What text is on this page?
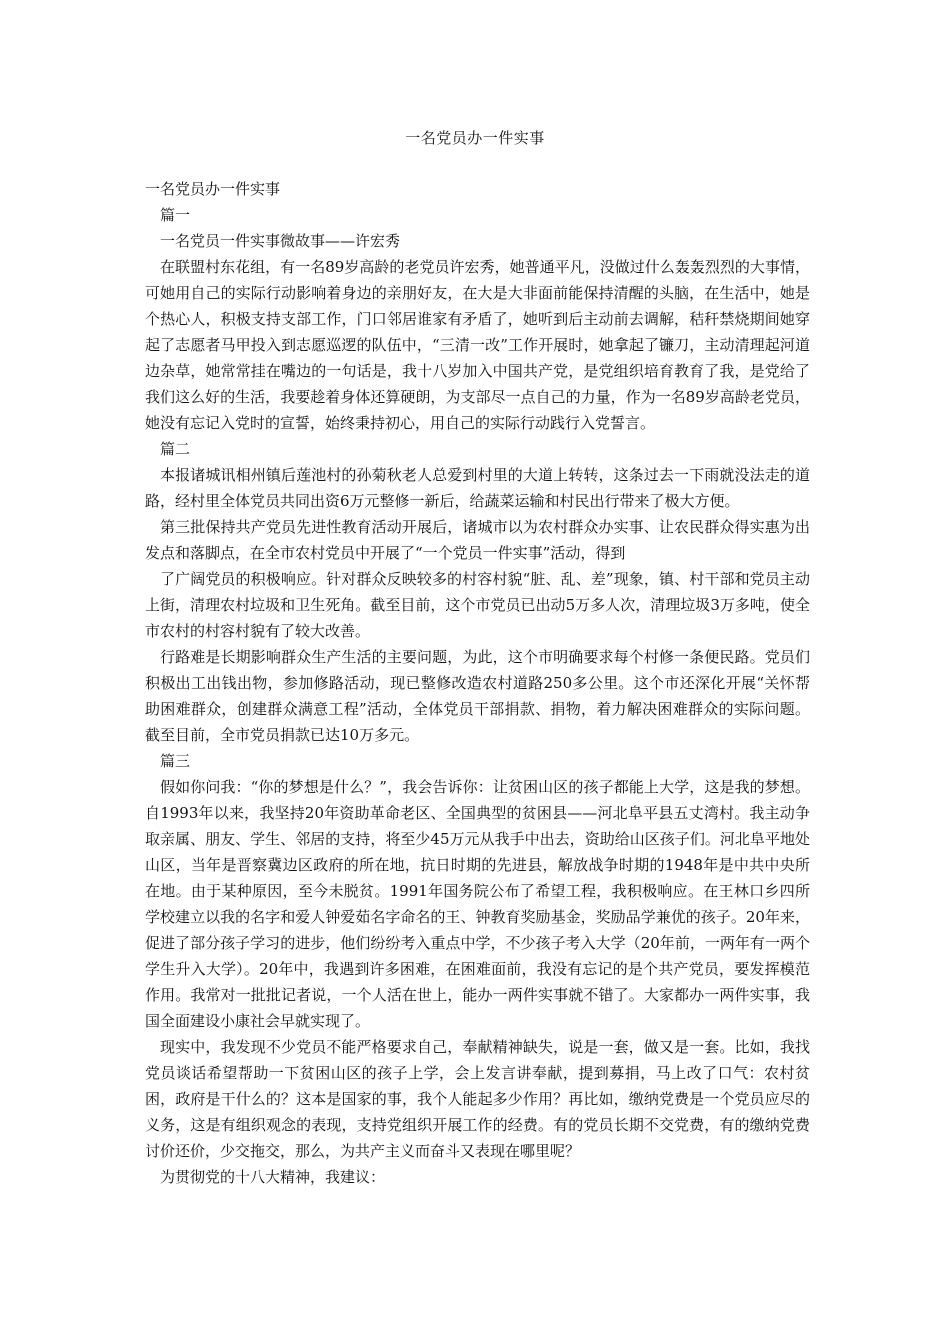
一名党员办一件实事

一名党员办一件实事

篇一

一名党员一件实事微故事——许宏秀

在联盟村东花组，有一名89岁高龄的老党员许宏秀，她普通平凡，没做过什么轰轰烈烈的大事情，可她用自己的实际行动影响着身边的亲朋好友，在大是大非面前能保持清醒的头脑，在生活中，她是个热心人，积极支持支部工作，门口邻居谁家有矛盾了，她听到后主动前去调解，秸秆禁烧期间她穿起了志愿者马甲投入到志愿巡逻的队伍中，“三清一改”工作开展时，她拿起了镰刀，主动清理起河道边杂草，她常常挂在嘴边的一句话是，我十八岁加入中国共产党，是党组织培育教育了我，是党给了我们这么好的生活，我要趁着身体还算硬朗，为支部尽一点自己的力量，作为一名89岁高龄老党员，她没有忘记入党时的宣誓，始终秉持初心，用自己的实际行动践行入党誓言。

篇二

本报诸城讯相州镇后莲池村的孙菊秋老人总爱到村里的大道上转转，这条过去一下雨就没法走的道路，经村里全体党员共同出资6万元整修一新后，给蔬菜运输和村民出行带来了极大方便。

第三批保持共产党员先进性教育活动开展后，诸城市以为农村群众办实事、让农民群众得实惠为出发点和落脚点，在全市农村党员中开展了“一个党员一件实事”活动，得到

了广阔党员的积极响应。针对群众反映较多的村容村貌“脏、乱、差”现象，镇、村干部和党员主动上街，清理农村垃圾和卫生死角。截至目前，这个市党员已出动5万多人次，清理垃圾3万多吨，使全市农村的村容村貌有了较大改善。

行路难是长期影响群众生产生活的主要问题，为此，这个市明确要求每个村修一条便民路。党员们积极出工出钱出物，参加修路活动，现已整修改造农村道路250多公里。这个市还深化开展“关怀帮助困难群众，创建群众满意工程”活动，全体党员干部捐款、捐物，着力解决困难群众的实际问题。截至目前，全市党员捐款已达10万多元。

篇三

假如你问我：“你的梦想是什么？”，我会告诉你：让贫困山区的孩子都能上大学，这是我的梦想。自1993年以来，我坚持20年资助革命老区、全国典型的贫困县——河北阜平县五丈湾村。我主动争取亲属、朋友、学生、邻居的支持，将至少45万元从我手中出去，资助给山区孩子们。河北阜平地处山区，当年是晋察冀边区政府的所在地，抗日时期的先进县，解放战争时期的1948年是中共中央所在地。由于某种原因，至今未脱贫。1991年国务院公布了希望工程，我积极响应。在王林口乡四所学校建立以我的名字和爱人钟爱茹名字命名的王、钟教育奖励基金，奖励品学兼优的孩子。20年来，促进了部分孩子学习的进步，他们纷纷考入重点中学，不少孩子考入大学（20年前，一两年有一两个学生升入大学）。20年中，我遇到许多困难，在困难面前，我没有忘记的是个共产党员，要发挥模范作用。我常对一批批记者说，一个人活在世上，能办一两件实事就不错了。大家都办一两件实事，我国全面建设小康社会早就实现了。

现实中，我发现不少党员不能严格要求自己，奉献精神缺失，说是一套，做又是一套。比如，我找党员谈话希望帮助一下贫困山区的孩子上学，会上发言讲奉献，提到募捐，马上改了口气：农村贫困，政府是干什么的？这本是国家的事，我个人能起多少作用？再比如，缴纳党费是一个党员应尽的义务，这是有组织观念的表现，支持党组织开展工作的经费。有的党员长期不交党费，有的缴纳党费讨价还价，少交拖交，那么，为共产主义而奋斗又表现在哪里呢？

为贯彻党的十八大精神，我建议：
